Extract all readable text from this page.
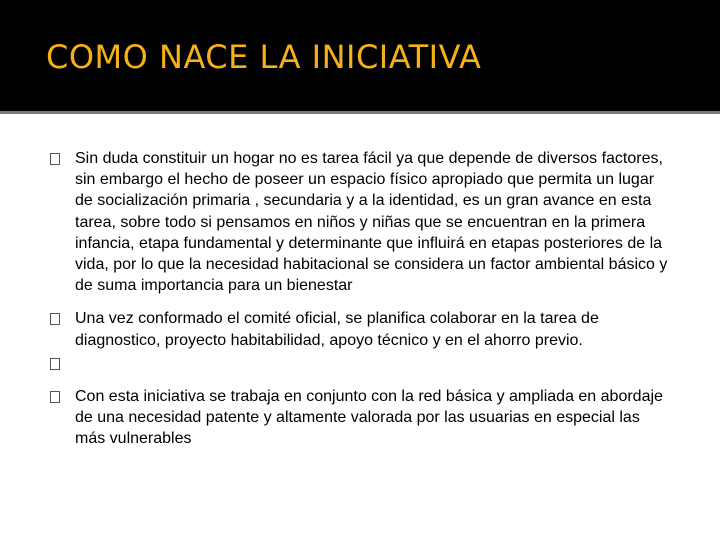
COMO NACE LA INICIATIVA
Sin duda constituir un hogar no es tarea fácil ya que depende de diversos factores, sin embargo el hecho de poseer un espacio físico apropiado que permita un lugar de socialización primaria , secundaria y a la identidad, es un gran avance en esta tarea, sobre todo si pensamos en niños y niñas que se encuentran en la primera infancia, etapa fundamental y determinante que influirá en etapas posteriores de la vida, por lo que la necesidad habitacional se considera un factor ambiental básico y de suma importancia para un bienestar
Una vez conformado el comité oficial, se planifica colaborar en la tarea de diagnostico, proyecto habitabilidad, apoyo técnico y en el ahorro previo.
Con esta iniciativa se trabaja en conjunto con la red básica y ampliada en abordaje de una necesidad patente y altamente valorada por las usuarias en especial las más vulnerables
